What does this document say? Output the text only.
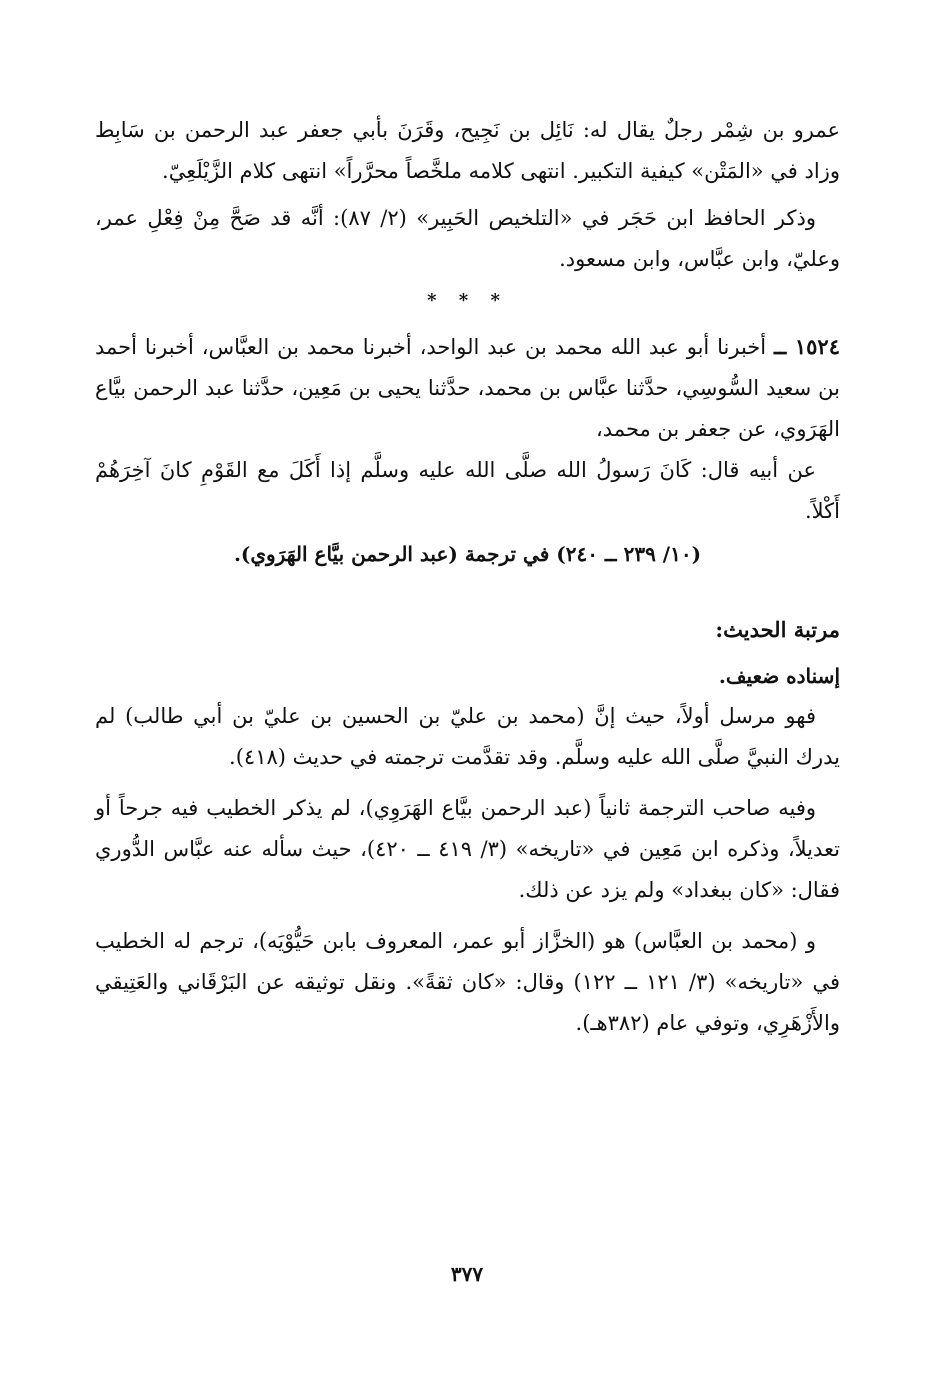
عمرو بن شِمْر رجلٌ يقال له: نَائِل بن نَجِيح، وقَرَنَ بأبي جعفر عبد الرحمن بن سَابِط وزاد في «المَتْن» كيفية التكبير. انتهى كلامه ملخَّصاً محرَّراً» انتهى كلام الزَّيْلَعِيّ.

وذكر الحافظ ابن حَجَر في «التلخيص الحَبِير» (٢/ ٨٧): أنَّه قد صَحَّ مِنْ فِعْلِ عمر، وعليّ، وابن عبَّاس، وابن مسعود.

* * *

١٥٢٤ ــ أخبرنا أبو عبد الله محمد بن عبد الواحد، أخبرنا محمد بن العبَّاس، أخبرنا أحمد بن سعيد السُّوسِي، حدَّثنا عبَّاس بن محمد، حدَّثنا يحيى بن مَعِين، حدَّثنا عبد الرحمن بيَّاع الهَرَوي، عن جعفر بن محمد،

عن أبيه قال: كَانَ رَسولُ الله صلَّى الله عليه وسلَّم إذا أَكَلَ مع القَوْمِ كانَ آخِرَهُمْ أَكْلاً.

(١٠/ ٢٣٩ ــ ٢٤٠) في ترجمة (عبد الرحمن بيَّاع الهَرَوي).
مرتبة الحديث:
إسناده ضعيف.

فهو مرسل أولاً، حيث إنَّ (محمد بن عليّ بن الحسين بن عليّ بن أبي طالب) لم يدرك النبيَّ صلَّى الله عليه وسلَّم. وقد تقدَّمت ترجمته في حديث (٤١٨).

وفيه صاحب الترجمة ثانياً (عبد الرحمن بيَّاع الهَرَوِي)، لم يذكر الخطيب فيه جرحاً أو تعديلاً، وذكره ابن مَعِين في «تاريخه» (٣/ ٤١٩ ــ ٤٢٠)، حيث سأله عنه عبَّاس الدُّوري فقال: «كان ببغداد» ولم يزد عن ذلك.

و (محمد بن العبَّاس) هو (الخزَّاز أبو عمر، المعروف بابن حَيُّوْيَه)، ترجم له الخطيب في «تاريخه» (٣/ ١٢١ ــ ١٢٢) وقال: «كان ثقةً». ونقل توثيقه عن البَرْقَاني والعَتِيقي والأَزْهَرِي، وتوفي عام (٣٨٢هـ).

٣٧٧
